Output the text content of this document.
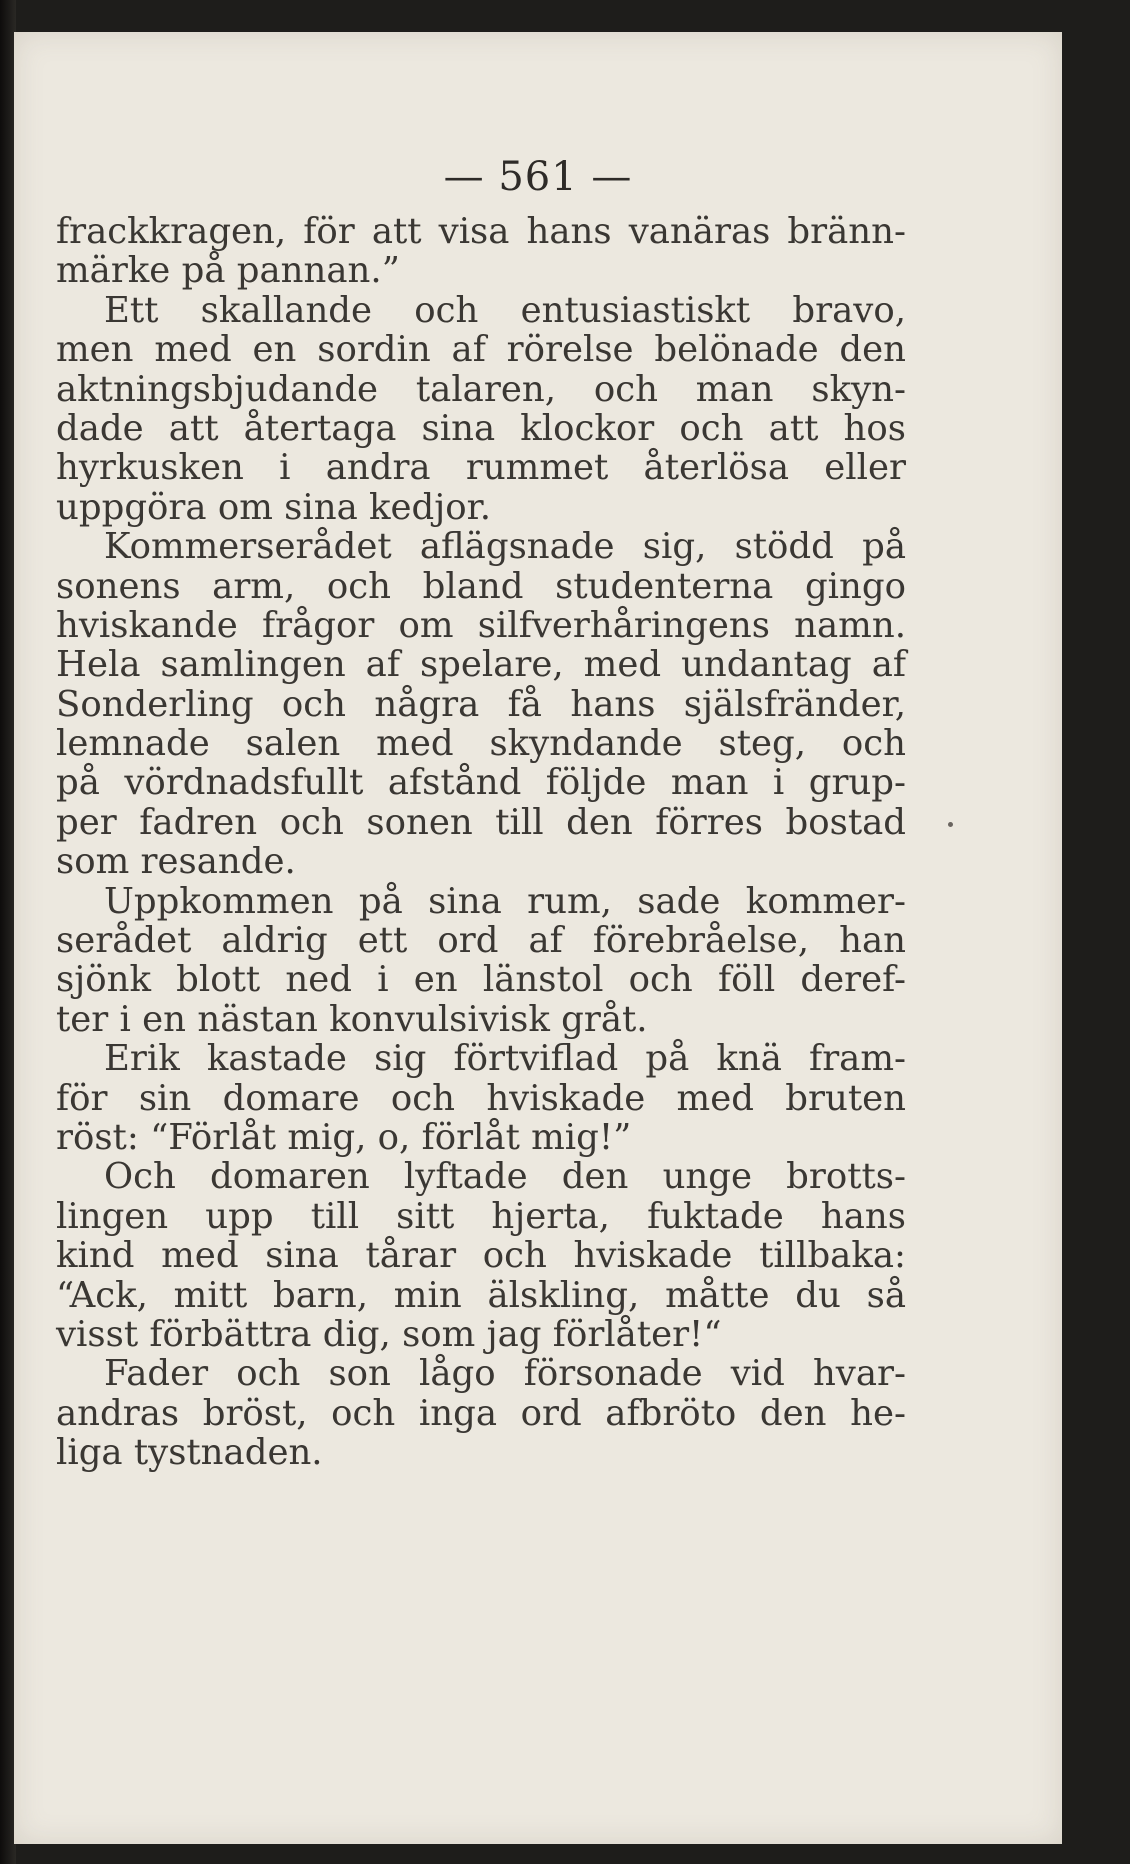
— 561 —
frackkragen, för att visa hans vanäras bränn-
märke på pannan.”
Ett skallande och entusiastiskt bravo,
men med en sordin af rörelse belönade den
aktningsbjudande talaren, och man skyn-
dade att återtaga sina klockor och att hos
hyrkusken i andra rummet återlösa eller
uppgöra om sina kedjor.
Kommerserådet aflägsnade sig, stödd på
sonens arm, och bland studenterna gingo
hviskande frågor om silfverhåringens namn.
Hela samlingen af spelare, med undantag af
Sonderling och några få hans själsfränder,
lemnade salen med skyndande steg, och
på vördnadsfullt afstånd följde man i grup-
per fadren och sonen till den förres bostad
som resande.
Uppkommen på sina rum, sade kommer-
serådet aldrig ett ord af förebråelse, han
sjönk blott ned i en länstol och föll deref-
ter i en nästan konvulsivisk gråt.
Erik kastade sig förtviflad på knä fram-
för sin domare och hviskade med bruten
röst: “Förlåt mig, o, förlåt mig!”
Och domaren lyftade den unge brotts-
lingen upp till sitt hjerta, fuktade hans
kind med sina tårar och hviskade tillbaka:
“Ack, mitt barn, min älskling, måtte du så
visst förbättra dig, som jag förlåter!“
Fader och son lågo försonade vid hvar-
andras bröst, och inga ord afbröto den he-
liga tystnaden.
